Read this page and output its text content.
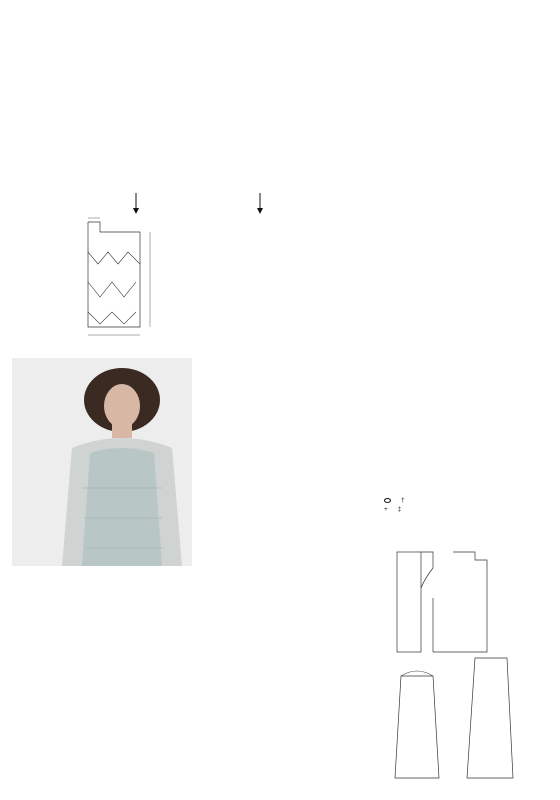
†
+ ‡
